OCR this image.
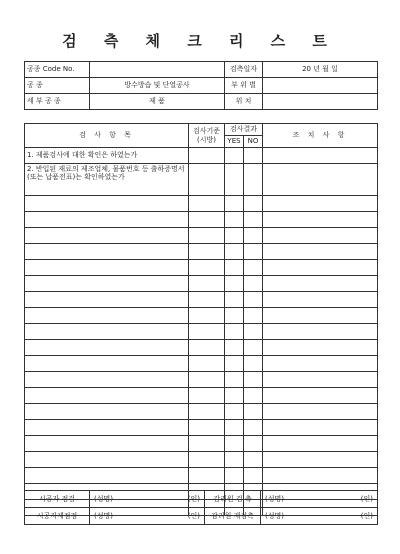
검 측 체 크 리 스 트
공종 Code No.		검측일자	20 년 월 일
공 종	방수방습 및 단열공사	부 위 별	
세 부 공 종	제 품	위 치	
검 사 항 목	검사기준 (시방)	검사결과		조 치 사 항
		YES	NO	
1. 제품검사에 대한 확인은 하였는가				
2. 반입된 재료의 제조업체, 물품번호 등 출하증명서(또는 납품전표)는 확인하였는가				

시공자 점검	(성명) (인)	감리원 검 측	(성명) (인)

시공자재점검	(성명) (인)	감리원 재검측	(성명) (인)
